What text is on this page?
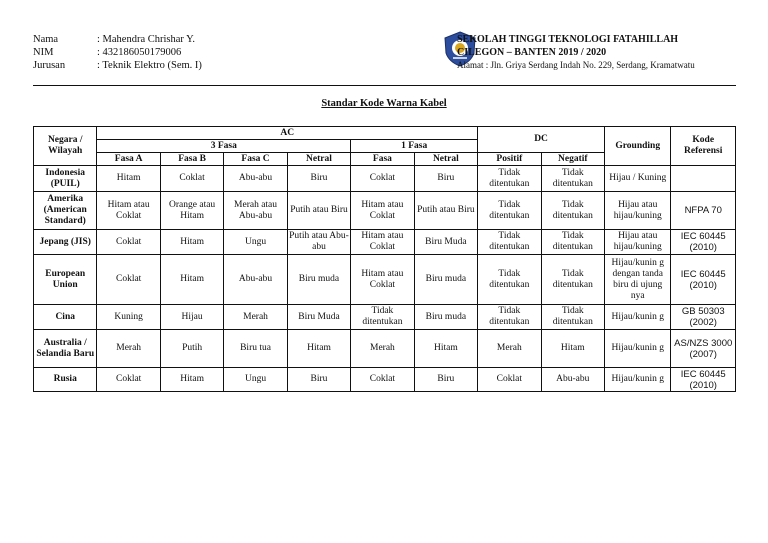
Nama	: Mahendra Chrishar Y.
NIM	: 432186050179006
Jurusan	: Teknik Elektro (Sem. I)
SEKOLAH TINGGI TEKNOLOGI FATAHILLAH
CILEGON – BANTEN 2019 / 2020
Alamat : Jln. Griya Serdang Indah No. 229, Serdang, Kramatwatu
Standar Kode Warna Kabel
Negara / Wilayah	AC						DC		Grounding	Kode Referensi
	3 Fasa				1 Fasa					
	Fasa A	Fasa B	Fasa C	Netral	Fasa	Netral	Positif	Negatif		
Indonesia (PUIL)	Hitam	Coklat	Abu-abu	Biru	Coklat	Biru	Tidak ditentukan	Tidak ditentukan	Hijau / Kuning	
Amerika (American Standard)	Hitam atau Coklat	Orange atau Hitam	Merah atau Abu-abu	Putih atau Biru	Hitam atau Coklat	Putih atau Biru	Tidak ditentukan	Tidak ditentukan	Hijau atau hijau/kuning	NFPA 70
Jepang (JIS)	Coklat	Hitam	Ungu	Putih atau Abu-abu	Hitam atau Coklat	Biru Muda	Tidak ditentukan	Tidak ditentukan	Hijau atau hijau/kuning	IEC 60445 (2010)
European Union	Coklat	Hitam	Abu-abu	Biru muda	Hitam atau Coklat	Biru muda	Tidak ditentukan	Tidak ditentukan	Hijau/kunin g dengan tanda biru di ujung nya	IEC 60445 (2010)
Cina	Kuning	Hijau	Merah	Biru Muda	Tidak ditentukan	Biru muda	Tidak ditentukan	Tidak ditentukan	Hijau/kunin g	GB 50303 (2002)
Australia / Selandia Baru	Merah	Putih	Biru tua	Hitam	Merah	Hitam	Merah	Hitam	Hijau/kunin g	AS/NZS 3000 (2007)
Rusia	Coklat	Hitam	Ungu	Biru	Coklat	Biru	Coklat	Abu-abu	Hijau/kunin g	IEC 60445 (2010)
